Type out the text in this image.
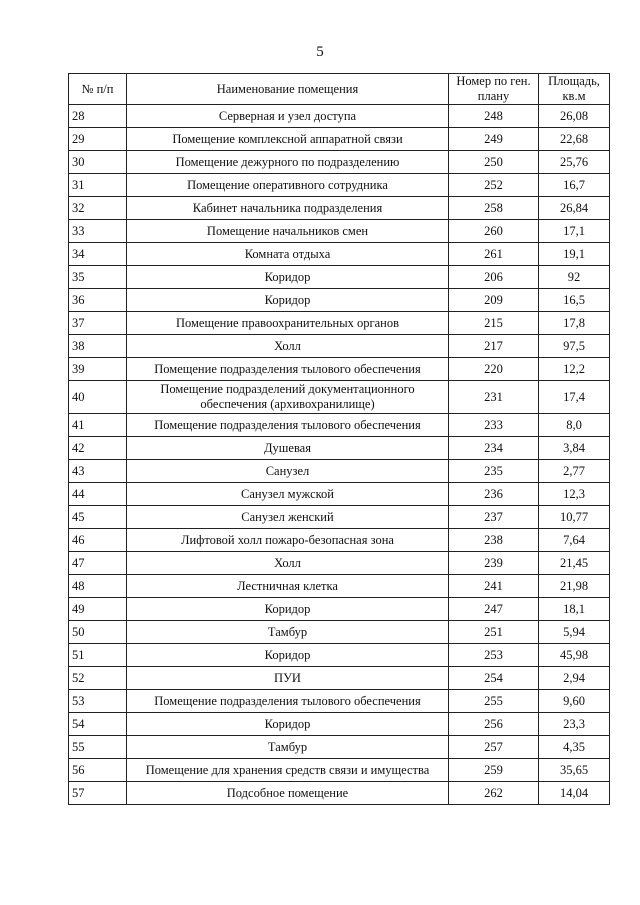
5
№ п/п	Наименование помещения	Номер по ген. плану	Площадь, кв.м
28	Серверная и узел доступа	248	26,08
29	Помещение комплексной аппаратной связи	249	22,68
30	Помещение дежурного по подразделению	250	25,76
31	Помещение оперативного сотрудника	252	16,7
32	Кабинет начальника подразделения	258	26,84
33	Помещение начальников смен	260	17,1
34	Комната отдыха	261	19,1
35	Коридор	206	92
36	Коридор	209	16,5
37	Помещение правоохранительных органов	215	17,8
38	Холл	217	97,5
39	Помещение подразделения тылового обеспечения	220	12,2
40	Помещение подразделений документационного обеспечения (архивохранилище)	231	17,4
41	Помещение подразделения тылового обеспечения	233	8,0
42	Душевая	234	3,84
43	Санузел	235	2,77
44	Санузел мужской	236	12,3
45	Санузел женский	237	10,77
46	Лифтовой холл пожаро-безопасная зона	238	7,64
47	Холл	239	21,45
48	Лестничная клетка	241	21,98
49	Коридор	247	18,1
50	Тамбур	251	5,94
51	Коридор	253	45,98
52	ПУИ	254	2,94
53	Помещение подразделения тылового обеспечения	255	9,60
54	Коридор	256	23,3
55	Тамбур	257	4,35
56	Помещение для хранения средств связи и имущества	259	35,65
57	Подсобное помещение	262	14,04
